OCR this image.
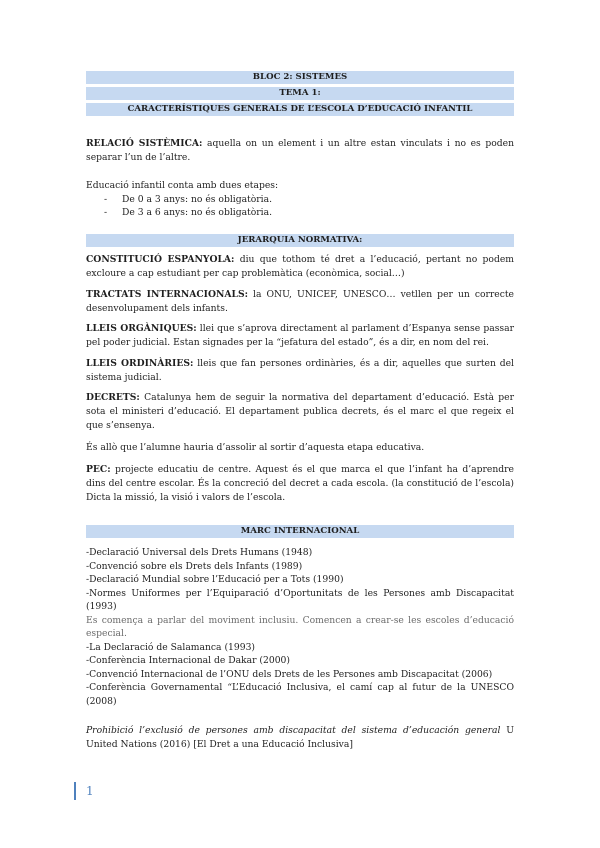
BLOC 2: SISTEMES
TEMA 1:
CARACTERÍSTIQUES GENERALS DE L’ESCOLA D’EDUCACIÓ INFANTIL

RELACIÓ SISTÈMICA: aquella on un element i un altre estan vinculats i no es poden separar l’un de l’altre.

Educació infantil conta amb dues etapes:

- De 0 a 3 anys: no és obligatòria.
- De 3 a 6 anys: no és obligatòria.
JERARQUIA NORMATIVA:

CONSTITUCIÓ ESPANYOLA: diu que tothom té dret a l’educació, pertant no podem excloure a cap estudiant per cap problemàtica (econòmica, social…)

TRACTATS INTERNACIONALS: la ONU, UNICEF, UNESCO… vetllen per un correcte desenvolupament dels infants.

LLEIS ORGÀNIQUES: llei que s’aprova directament al parlament d’Espanya sense passar pel poder judicial. Estan signades per la “jefatura del estado”, és a dir, en nom del rei.

LLEIS ORDINÀRIES: lleis que fan persones ordinàries, és a dir, aquelles que surten del sistema judicial.

DECRETS: Catalunya hem de seguir la normativa del departament d’educació. Està per sota el ministeri d’educació. El departament publica decrets, és el marc el que regeix el que s’ensenya.

És allò que l’alumne hauria d’assolir al sortir d’aquesta etapa educativa.

PEC: projecte educatiu de centre. Aquest és el que marca el que l’infant ha d’aprendre dins del centre escolar. És la concreció del decret a cada escola. (la constitució de l’escola) Dicta la missió, la visió i valors de l’escola.

MARC INTERNACIONAL
-Declaració Universal dels Drets Humans (1948)
-Convenció sobre els Drets dels Infants (1989)
-Declaració Mundial sobre l’Educació per a Tots (1990)

-Normes Uniformes per l’Equiparació d’Oportunitats de les Persones amb Discapacitat (1993)

Es comença a parlar del moviment inclusiu. Comencen a crear-se les escoles d’educació especial.

-La Declaració de Salamanca (1993)
-Conferència Internacional de Dakar (2000)
-Convenció Internacional de l’ONU dels Drets de les Persones amb Discapacitat (2006)

-Conferència Governamental “L’Educació Inclusiva, el camí cap al futur de la UNESCO (2008)

Prohibició l’exclusió de persones amb discapacitat del sistema d’educación general U United Nations (2016) [El Dret a una Educació Inclusiva]

1
